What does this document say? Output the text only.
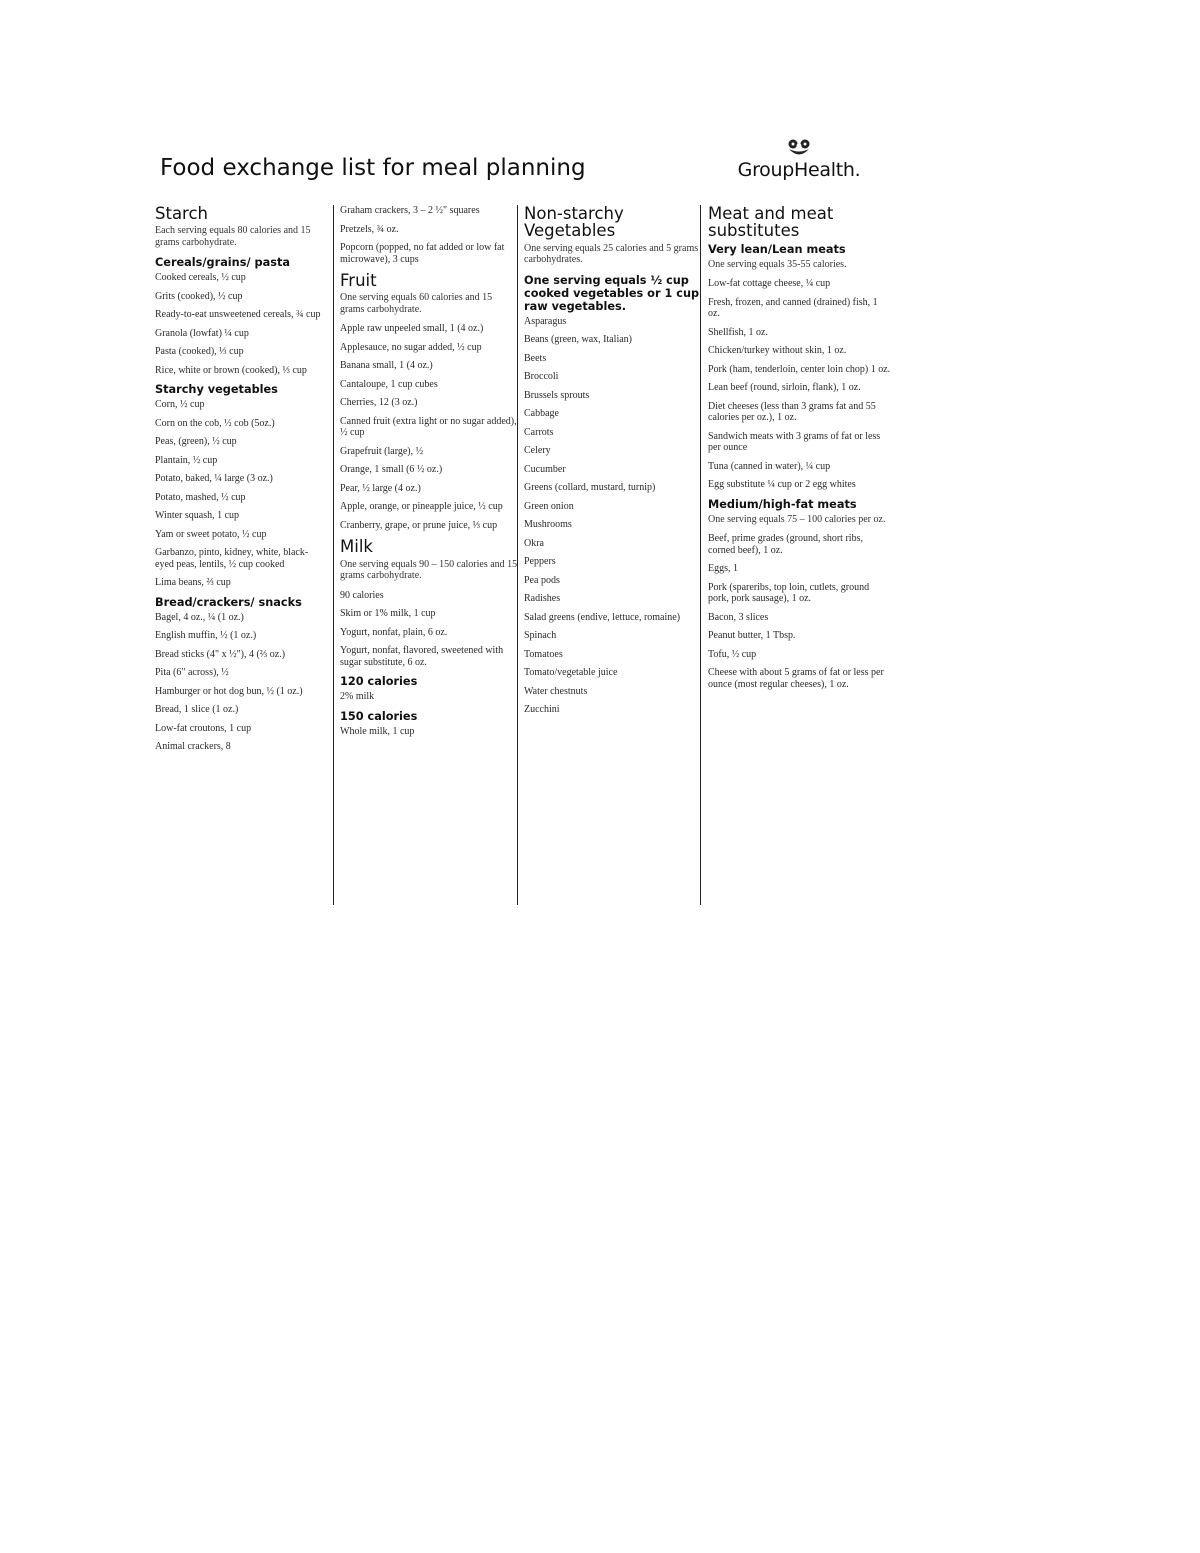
Food exchange list for meal planning	GroupHealth.
Starch

Each serving equals 80 calories and 15 grams carbohydrate.

Cereals/grains/ pasta

Cooked cereals, ½ cup

Grits (cooked), ½ cup

Ready-to-eat unsweetened cereals, ¾ cup

Granola (lowfat) ¼ cup

Pasta (cooked), ⅓ cup

Rice, white or brown (cooked), ⅓ cup

Starchy vegetables

Corn, ½ cup

Corn on the cob, ½ cob (5oz.)

Peas, (green), ½ cup

Plantain, ½ cup

Potato, baked, ¼ large (3 oz.)

Potato, mashed, ½ cup

Winter squash, 1 cup

Yam or sweet potato, ½ cup

Garbanzo, pinto, kidney, white, black-eyed peas, lentils, ½ cup cooked

Lima beans, ⅔ cup

Bread/crackers/ snacks

Bagel, 4 oz., ¼ (1 oz.)

English muffin, ½ (1 oz.)

Bread sticks (4" x ½"), 4 (⅔ oz.)

Pita (6" across), ½

Hamburger or hot dog bun, ½ (1 oz.)

Bread, 1 slice (1 oz.)

Low-fat croutons, 1 cup

Animal crackers, 8

Graham crackers, 3 – 2 ½" squares

Pretzels, ¾ oz.

Popcorn (popped, no fat added or low fat microwave), 3 cups

Fruit

One serving equals 60 calories and 15 grams carbohydrate.

Apple raw unpeeled small, 1 (4 oz.)

Applesauce, no sugar added, ½ cup

Banana small, 1 (4 oz.)

Cantaloupe, 1 cup cubes

Cherries, 12 (3 oz.)

Canned fruit (extra light or no sugar added), ½ cup

Grapefruit (large), ½

Orange, 1 small (6 ½ oz.)

Pear, ½ large (4 oz.)

Apple, orange, or pineapple juice, ½ cup

Cranberry, grape, or prune juice, ⅓ cup

Milk

One serving equals 90 – 150 calories and 15 grams carbohydrate.

90 calories

Skim or 1% milk, 1 cup

Yogurt, nonfat, plain, 6 oz.

Yogurt, nonfat, flavored, sweetened with sugar substitute, 6 oz.

120 calories

2% milk

150 calories

Whole milk, 1 cup

Non-starchy Vegetables

One serving equals 25 calories and 5 grams carbohydrates.

One serving equals ½ cup cooked vegetables or 1 cup raw vegetables.

Asparagus

Beans (green, wax, Italian)

Beets

Broccoli

Brussels sprouts

Cabbage

Carrots

Celery

Cucumber

Greens (collard, mustard, turnip)

Green onion

Mushrooms

Okra

Peppers

Pea pods

Radishes

Salad greens (endive, lettuce, romaine)

Spinach

Tomatoes

Tomato/vegetable juice

Water chestnuts

Zucchini

Meat and meat substitutes
Very lean/Lean meats

One serving equals 35-55 calories.

Low-fat cottage cheese, ¼ cup

Fresh, frozen, and canned (drained) fish, 1 oz.

Shellfish, 1 oz.

Chicken/turkey without skin, 1 oz.

Pork (ham, tenderloin, center loin chop) 1 oz.

Lean beef (round, sirloin, flank), 1 oz.

Diet cheeses (less than 3 grams fat and 55 calories per oz.), 1 oz.

Sandwich meats with 3 grams of fat or less per ounce

Tuna (canned in water), ¼ cup

Egg substitute ¼ cup or 2 egg whites

Medium/high-fat meats

One serving equals 75 – 100 calories per oz.

Beef, prime grades (ground, short ribs, corned beef), 1 oz.

Eggs, 1

Pork (spareribs, top loin, cutlets, ground pork, pork sausage), 1 oz.

Bacon, 3 slices

Peanut butter, 1 Tbsp.

Tofu, ½ cup

Cheese with about 5 grams of fat or less per ounce (most regular cheeses), 1 oz.
